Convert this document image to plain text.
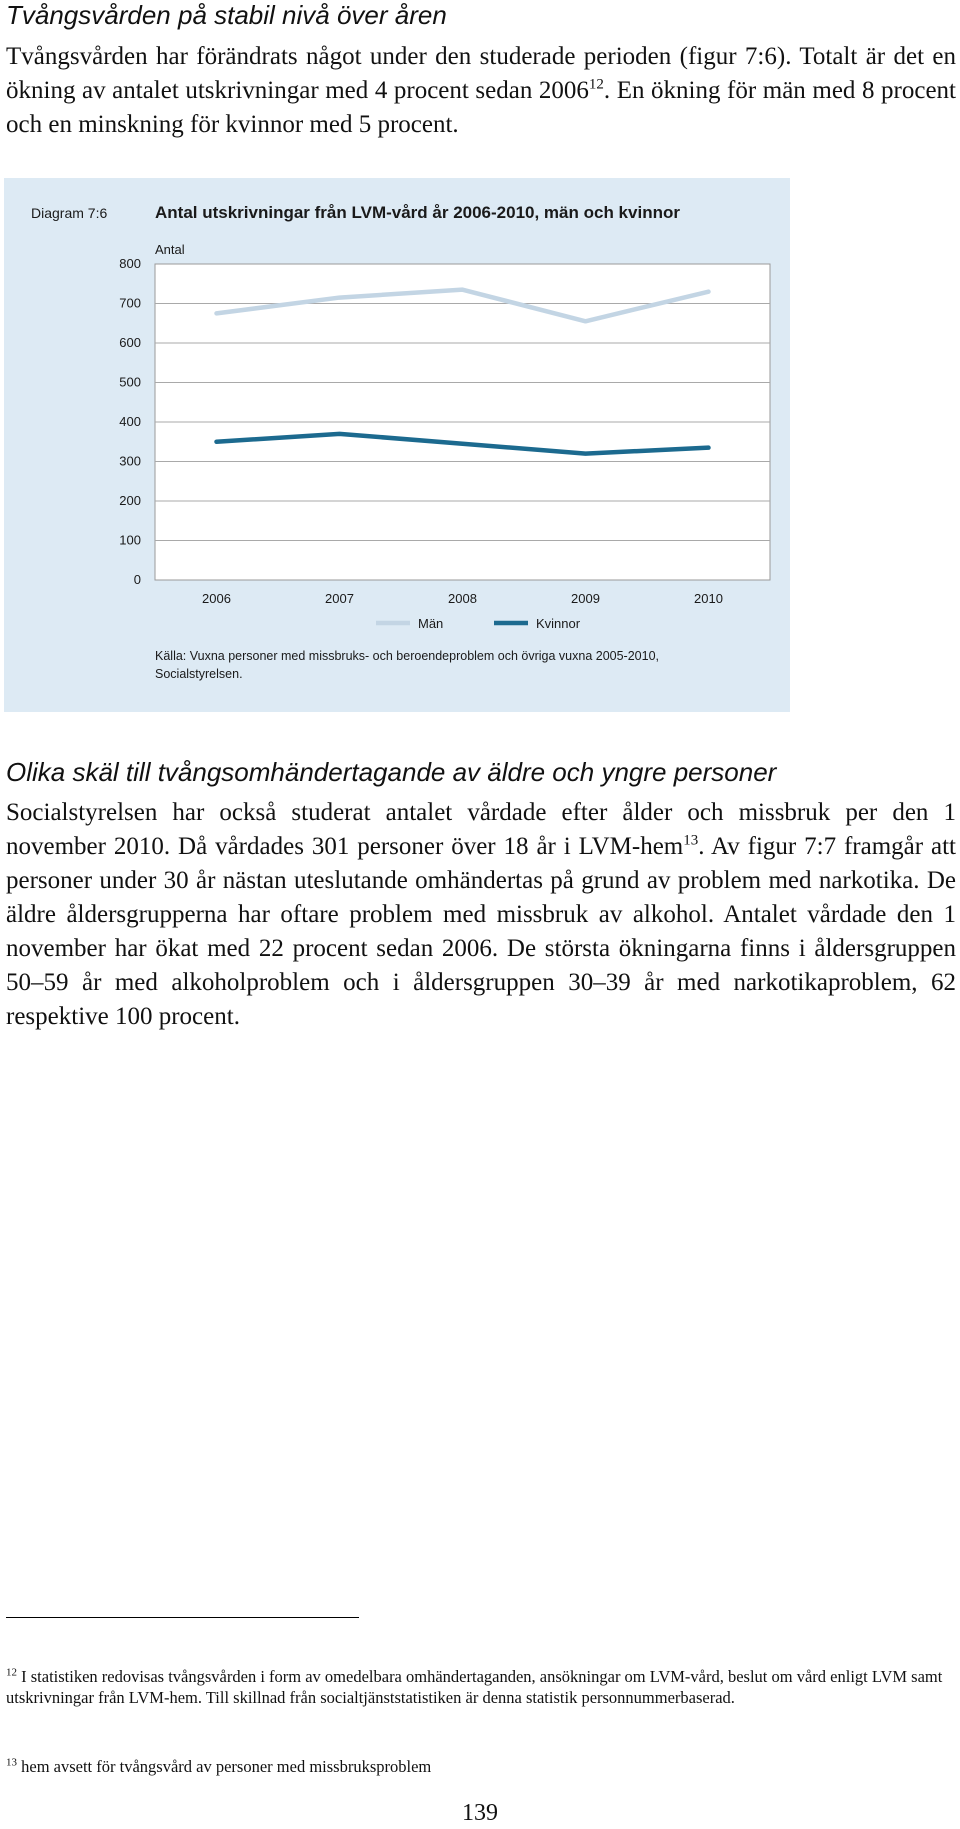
Tvångsvården på stabil nivå över åren

Tvångsvården har förändrats något under den studerade perioden (figur 7:6). Totalt är det en ökning av antalet utskrivningar med 4 procent sedan 2006$^{12}$. En ökning för män med 8 procent och en minskning för kvinnor med 5 procent.

Diagram 7:6	Antal utskrivningar från LVM-vård år 2006-2010, män och kvinnor
Antal
0
100
200
300
400
500
600
700
800
2006	2007	2008	2009	2010
Män	Kvinnor
Källa: Vuxna personer med missbruks- och beroendeproblem och övriga vuxna 2005-2010,
Socialstyrelsen.
Olika skäl till tvångsomhändertagande av äldre och yngre personer

Socialstyrelsen har också studerat antalet vårdade efter ålder och missbruk per den 1 november 2010. Då vårdades 301 personer över 18 år i LVM-hem$^{13}$. Av figur 7:7 framgår att personer under 30 år nästan uteslutande omhändertas på grund av problem med narkotika. De äldre åldersgrupperna har oftare problem med missbruk av alkohol. Antalet vårdade den 1 november har ökat med 22 procent sedan 2006. De största ökningarna finns i åldersgruppen 50–59 år med alkoholproblem och i åldersgruppen 30–39 år med narkotikaproblem, 62 respektive 100 procent.

$^{12}$ I statistiken redovisas tvångsvården i form av omedelbara omhändertaganden, ansökningar om LVM-vård, beslut om vård enligt LVM samt utskrivningar från LVM-hem. Till skillnad från socialtjänststatistiken är denna statistik personnummerbaserad.

$^{13}$ hem avsett för tvångsvård av personer med missbruksproblem

139
